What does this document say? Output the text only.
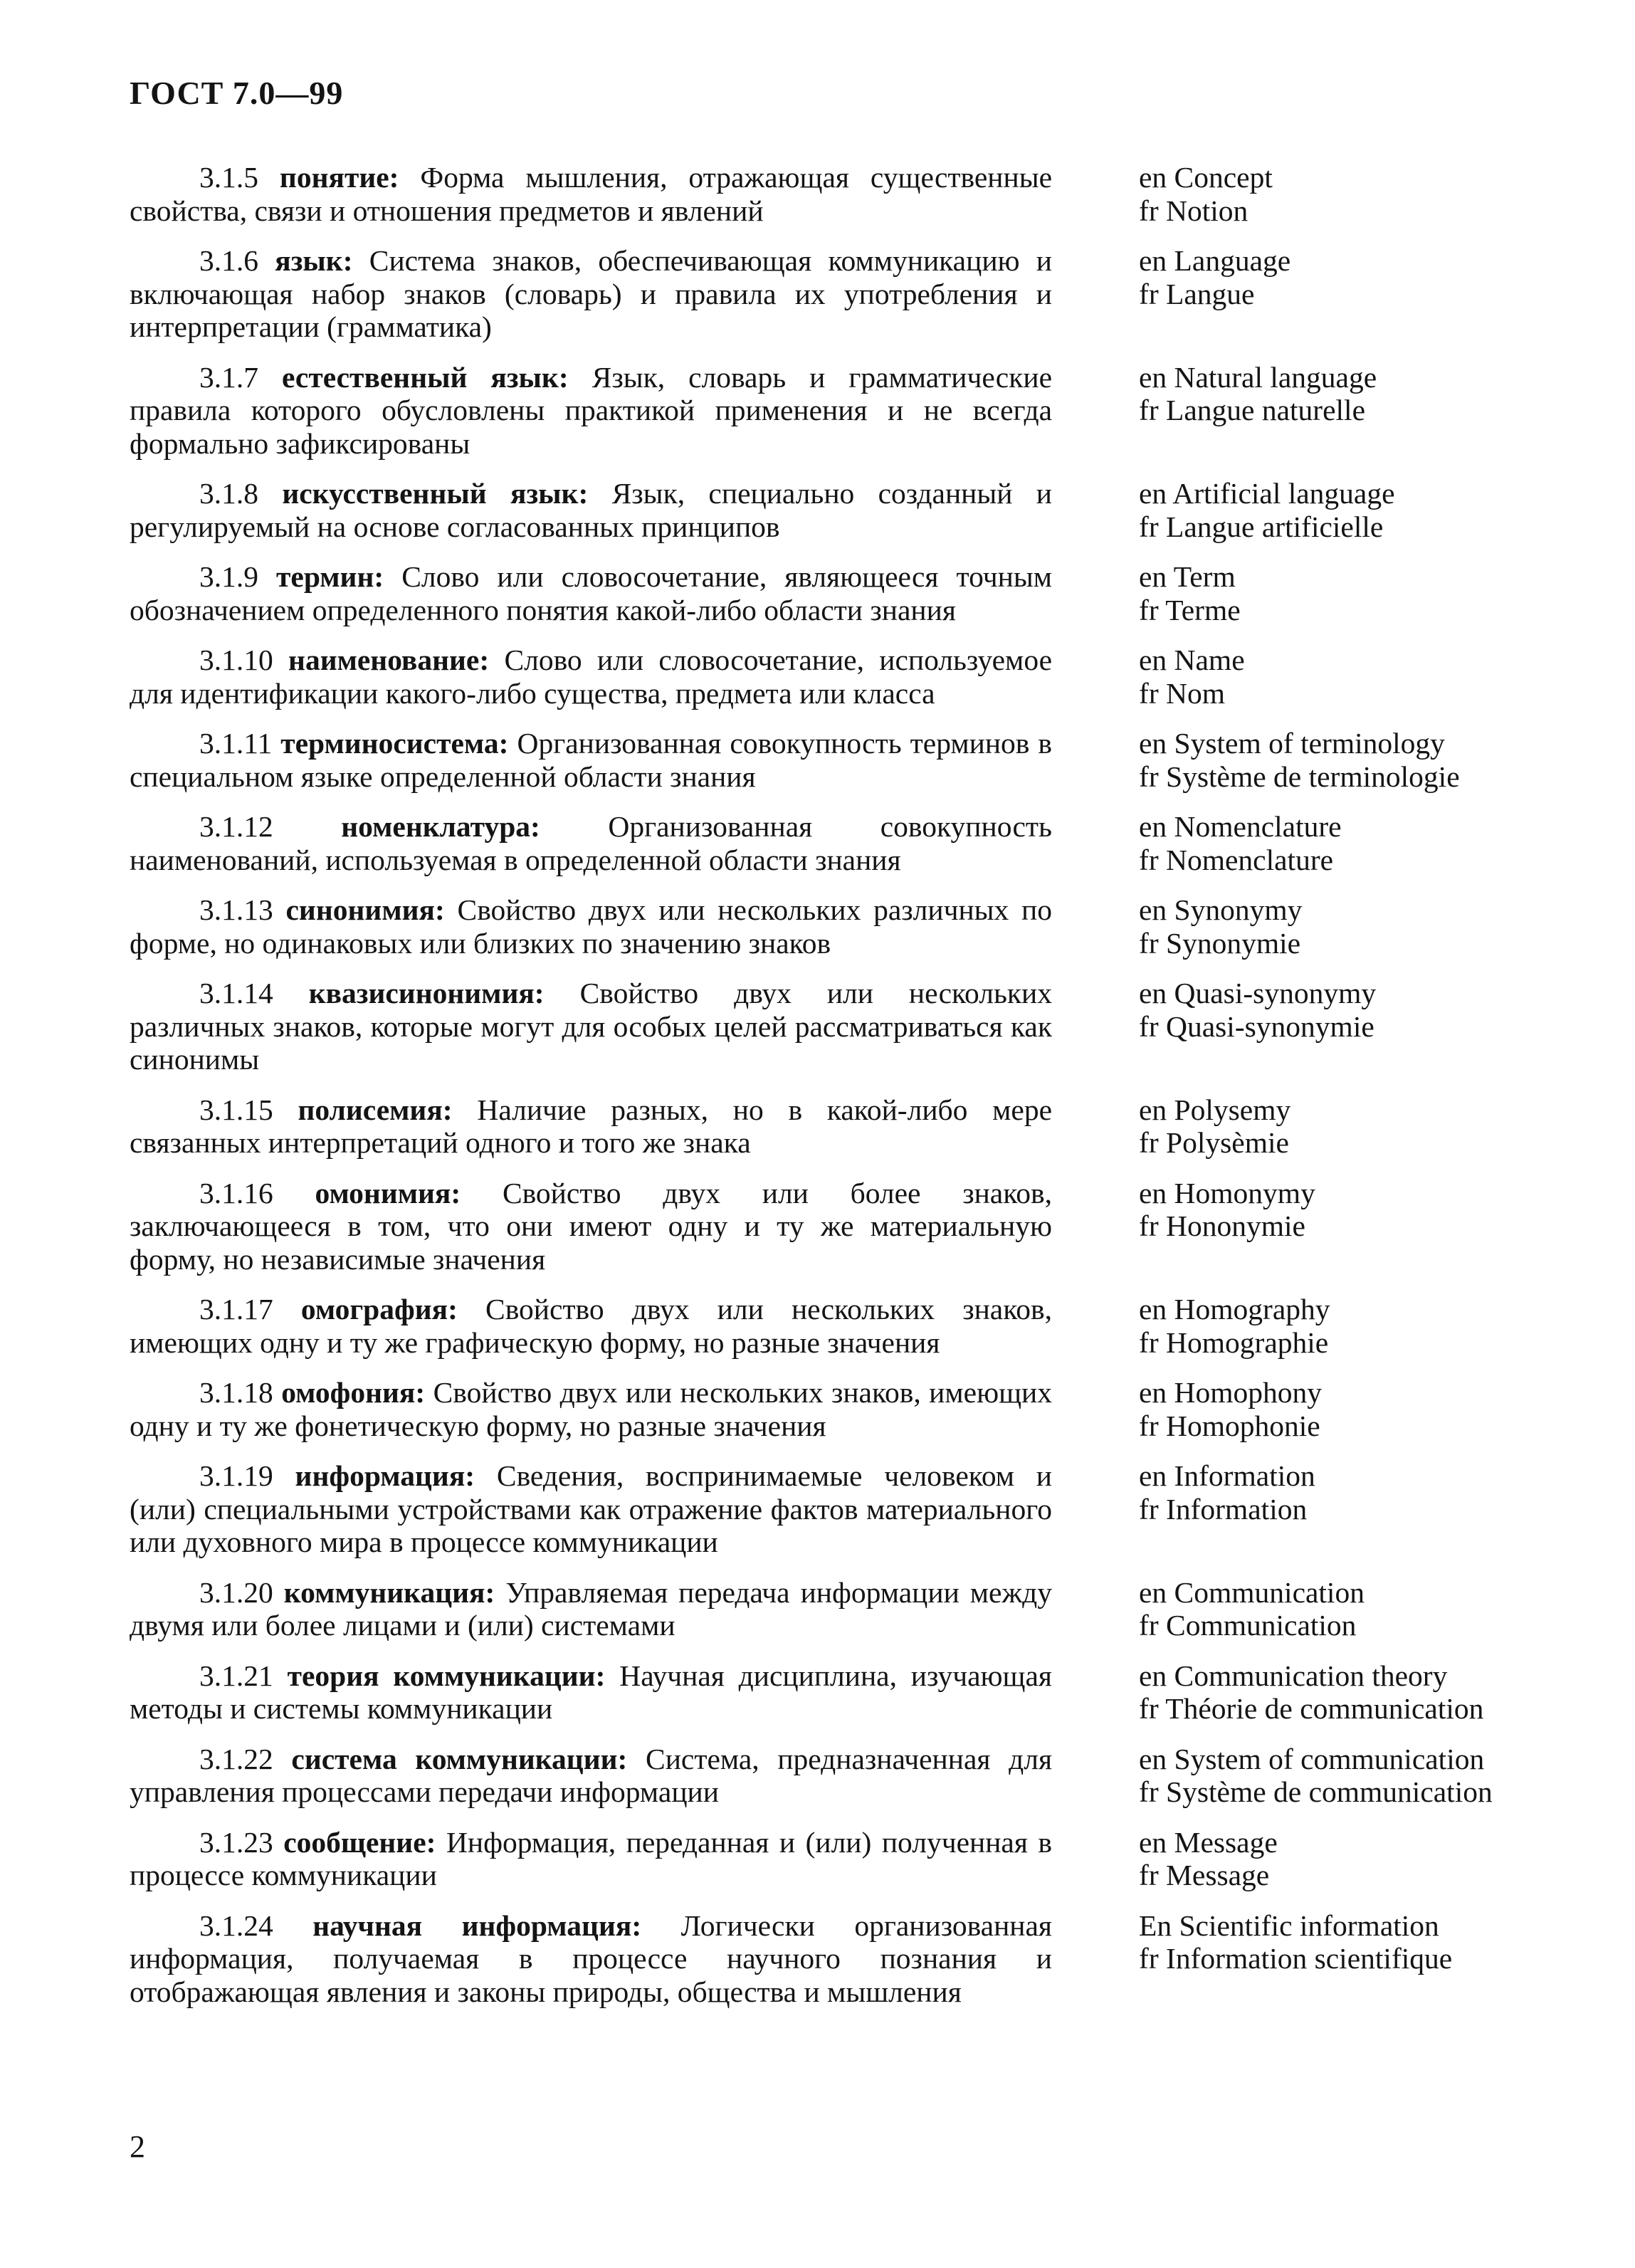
ГОСТ 7.0—99
3.1.5 понятие: Форма мышления, отражающая существенные свойства, связи и отношения предметов и явлений
en Concept
fr Notion
3.1.6 язык: Система знаков, обеспечивающая коммуникацию и включающая набор знаков (словарь) и правила их употребления и интерпретации (грамматика)
en Language
fr Langue
3.1.7 естественный язык: Язык, словарь и грамматические правила которого обусловлены практикой применения и не всегда формально зафиксированы
en Natural language
fr Langue naturelle
3.1.8 искусственный язык: Язык, специально созданный и регулируемый на основе согласованных принципов
en Artificial language
fr Langue artificielle
3.1.9 термин: Слово или словосочетание, являющееся точным обозначением определенного понятия какой-либо области знания
en Term
fr Terme
3.1.10 наименование: Слово или словосочетание, используемое для идентификации какого-либо существа, предмета или класса
en Name
fr Nom
3.1.11 терминосистема: Организованная совокупность терминов в специальном языке определенной области знания
en System of terminology
fr Système de terminologie
3.1.12 номенклатура: Организованная совокупность наименований, используемая в определенной области знания
en Nomenclature
fr Nomenclature
3.1.13 синонимия: Свойство двух или нескольких различных по форме, но одинаковых или близких по значению знаков
en Synonymy
fr Synonymie
3.1.14 квазисинонимия: Свойство двух или нескольких различных знаков, которые могут для особых целей рассматриваться как синонимы
en Quasi-synonymy
fr Quasi-synonymie
3.1.15 полисемия: Наличие разных, но в какой-либо мере связанных интерпретаций одного и того же знака
en Polysemy
fr Polysèmie
3.1.16 омонимия: Свойство двух или более знаков, заключающееся в том, что они имеют одну и ту же материальную форму, но независимые значения
en Homonymy
fr Hononymie
3.1.17 омография: Свойство двух или нескольких знаков, имеющих одну и ту же графическую форму, но разные значения
en Homography
fr Homographie
3.1.18 омофония: Свойство двух или нескольких знаков, имеющих одну и ту же фонетическую форму, но разные значения
en Homophony
fr Homophonie
3.1.19 информация: Сведения, воспринимаемые человеком и (или) специальными устройствами как отражение фактов материального или духовного мира в процессе коммуникации
en Information
fr Information
3.1.20 коммуникация: Управляемая передача информации между двумя или более лицами и (или) системами
en Communication
fr Communication
3.1.21 теория коммуникации: Научная дисциплина, изучающая методы и системы коммуникации
en Communication theory
fr Théorie de communication
3.1.22 система коммуникации: Система, предназначенная для управления процессами передачи информации
en System of communication
fr Système de communication
3.1.23 сообщение: Информация, переданная и (или) полученная в процессе коммуникации
en Message
fr Message
3.1.24 научная информация: Логически организованная информация, получаемая в процессе научного познания и отображающая явления и законы природы, общества и мышления
En Scientific information
fr Information scientifique
2
